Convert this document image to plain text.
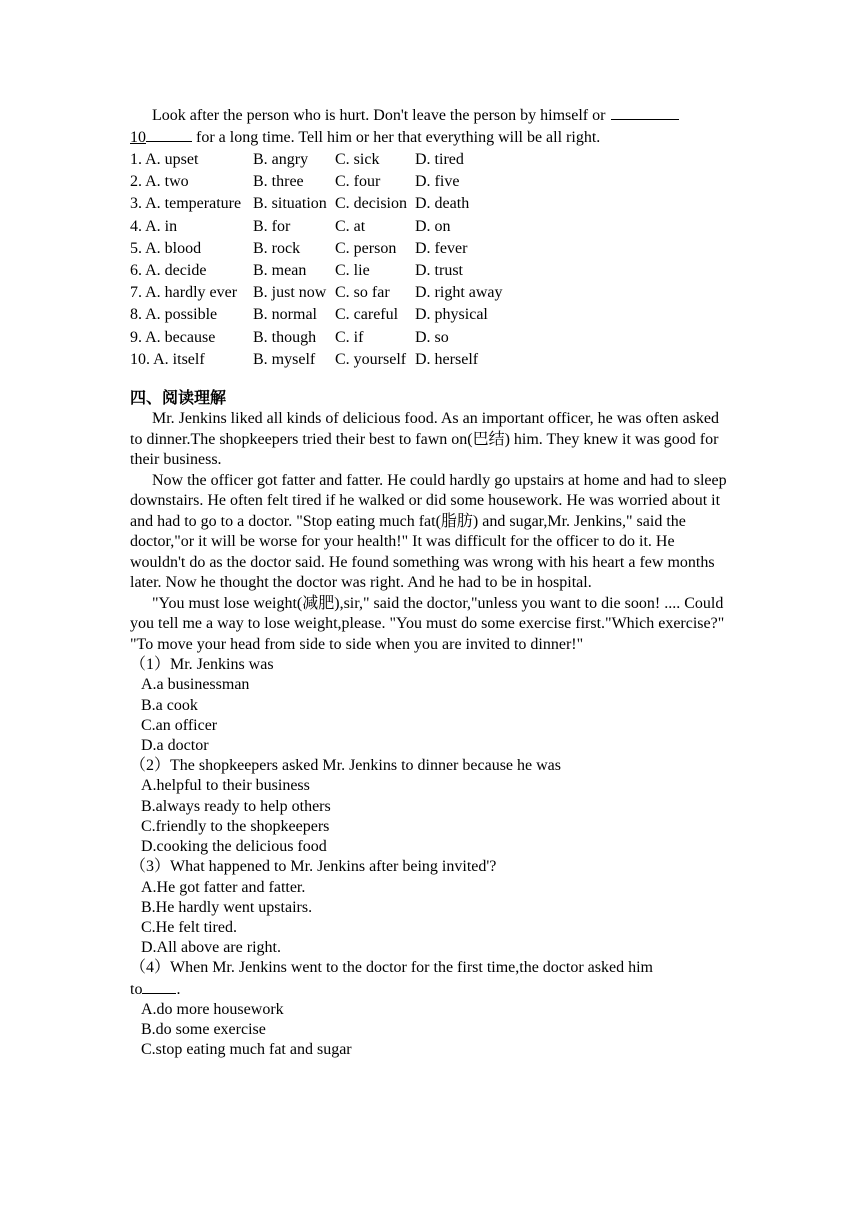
Look after the person who is hurt. Don't leave the person by himself or
10	for a long time. Tell him or her that everything will be all right.

1. A. upset	B. angry	C. sick	D. tired
2. A. two	B. three	C. four	D. five
3. A. temperature	B. situation	C. decision	D. death
4. A. in	B. for	C. at	D. on
5. A. blood	B. rock	C. person	D. fever
6. A. decide	B. mean	C. lie	D. trust
7. A. hardly ever	B. just now	C. so far	D. right away
8. A. possible	B. normal	C. careful	D. physical
9. A. because	B. though	C. if	D. so
10. A. itself	B. myself	C. yourself	D. herself
四、阅读理解

Mr. Jenkins liked all kinds of delicious food. As an important officer, he was often asked to dinner.The shopkeepers tried their best to fawn on(巴结) him. They knew it was good for their business.

Now the officer got fatter and fatter. He could hardly go upstairs at home and had to sleep downstairs. He often felt tired if he walked or did some housework. He was worried about it and had to go to a doctor. "Stop eating much fat(脂肪) and sugar,Mr. Jenkins," said the doctor,"or it will be worse for your health!" It was difficult for the officer to do it. He wouldn't do as the doctor said. He found something was wrong with his heart a few months later. Now he thought the doctor was right. And he had to be in hospital.

"You must lose weight(减肥),sir," said the doctor,"unless you want to die soon! .... Could you tell me a way to lose weight,please. "You must do some exercise first."Which exercise?" "To move your head from side to side when you are invited to dinner!"

（1）Mr. Jenkins was

A.a businessman

B.a cook

C.an officer

D.a doctor

（2）The shopkeepers asked Mr. Jenkins to dinner because he was

A.helpful to their business

B.always ready to help others

C.friendly to the shopkeepers

D.cooking the delicious food

（3）What happened to Mr. Jenkins after being invited'?

A.He got fatter and fatter.

B.He hardly went upstairs.

C.He felt tired.

D.All above are right.

（4）When Mr. Jenkins went to the doctor for the first time,the doctor asked him
to .

A.do more housework

B.do some exercise

C.stop eating much fat and sugar
